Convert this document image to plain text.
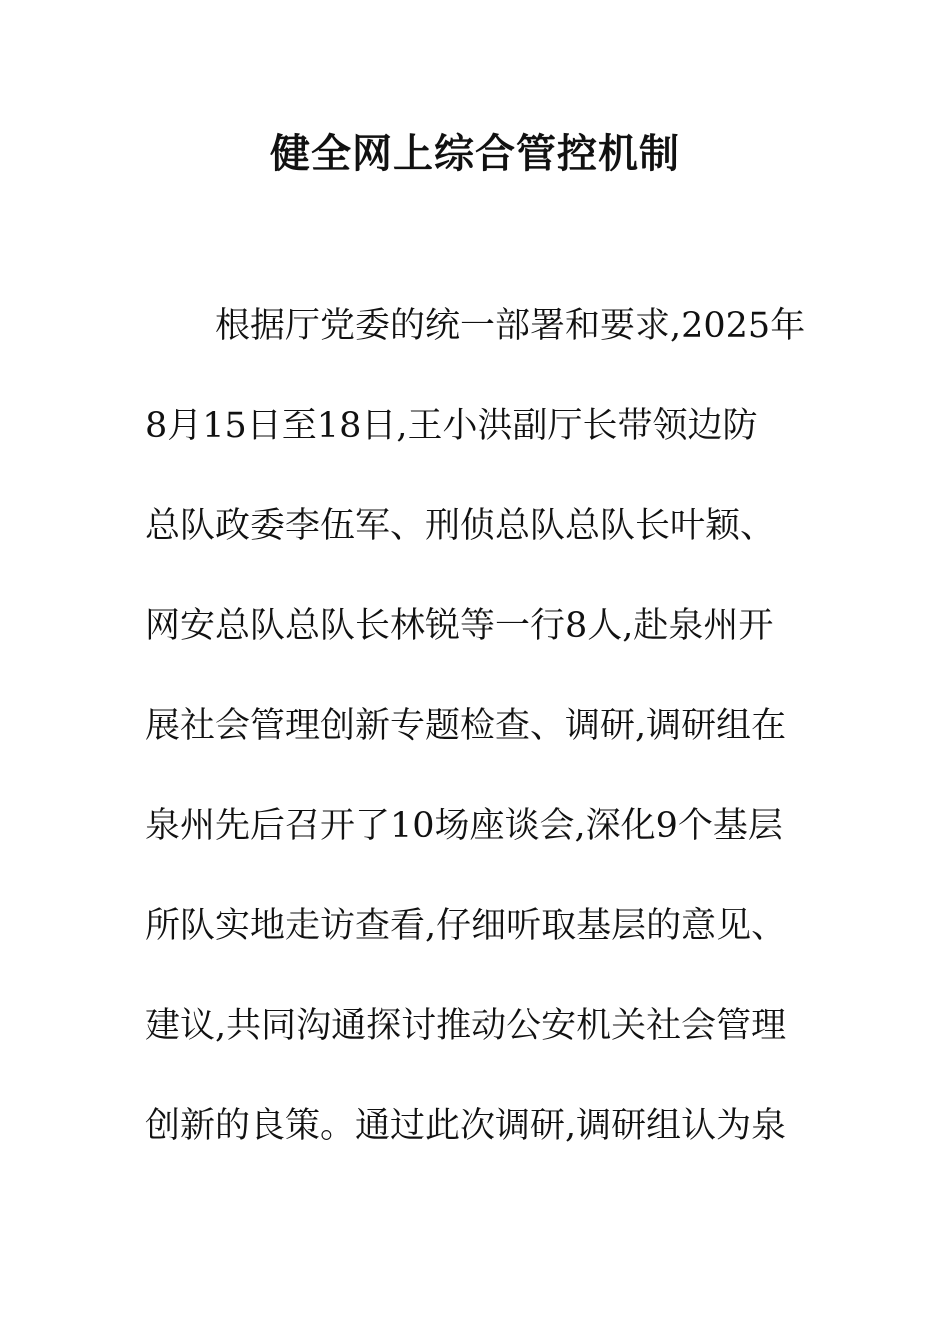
健全网上综合管控机制
根据厅党委的统一部署和要求,2025年
8月15日至18日,王小洪副厅长带领边防
总队政委李伍军、刑侦总队总队长叶颖、
网安总队总队长林锐等一行8人,赴泉州开
展社会管理创新专题检查、调研,调研组在
泉州先后召开了10场座谈会,深化9个基层
所队实地走访查看,仔细听取基层的意见、
建议,共同沟通探讨推动公安机关社会管理
创新的良策。通过此次调研,调研组认为泉
